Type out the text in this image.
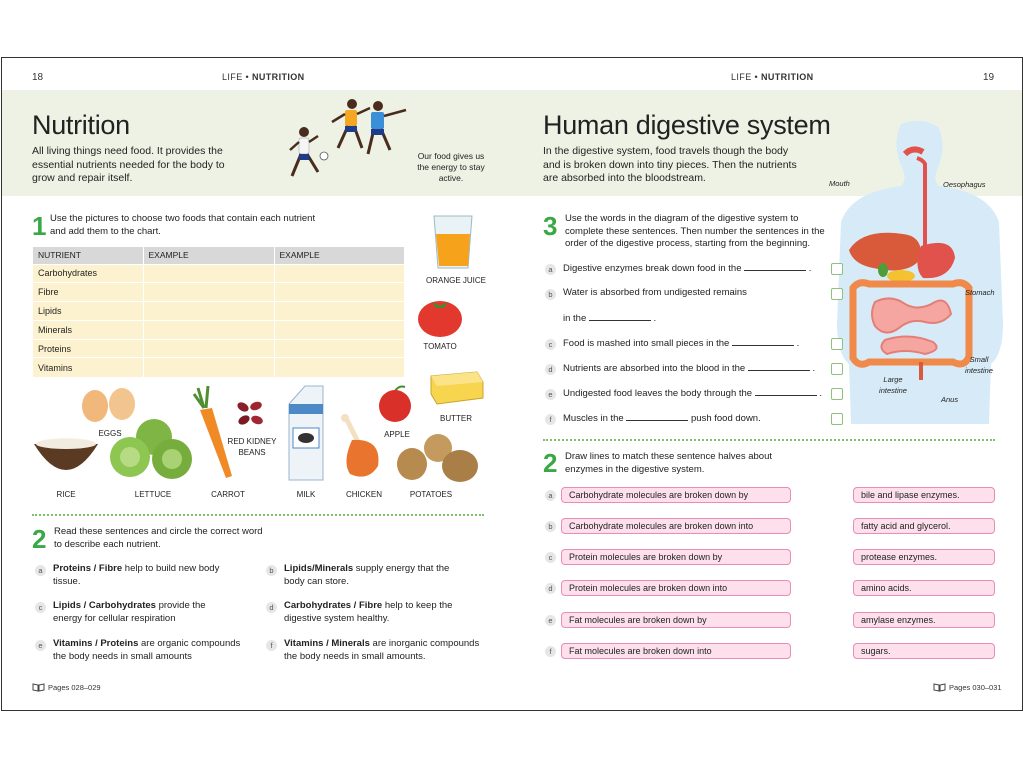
18	LIFE • NUTRITION
Nutrition
All living things need food. It provides the essential nutrients needed for the body to grow and repair itself.
Our food gives us the energy to stay active.
1 Use the pictures to choose two foods that contain each nutrient and add them to the chart.
NUTRIENT	EXAMPLE	EXAMPLE
Carbohydrates		
Fibre		
Lipids		
Minerals		
Proteins		
Vitamins		
ORANGE JUICE
TOMATO
BUTTER
EGGS
RICE	LETTUCE	CARROT
RED KIDNEY BEANS
MILK	CHICKEN
APPLE
POTATOES
2 Read these sentences and circle the correct word to describe each nutrient.
a	Proteins / Fibre help to build new body tissue.
b	Lipids/Minerals supply energy that the body can store.
c	Lipids / Carbohydrates provide the energy for cellular respiration
d	Carbohydrates / Fibre help to keep the digestive system healthy.
e	Vitamins / Proteins are organic compounds the body needs in small amounts
f	Vitamins / Minerals are inorganic compounds the body needs in small amounts.
Pages 028–029
LIFE • NUTRITION	19
Human digestive system
In the digestive system, food travels though the body and is broken down into tiny pieces. Then the nutrients are absorbed into the bloodstream.	Mouth	Oesophagus
Stomach
Small intestine
Large intestine
Anus
3 Use the words in the diagram of the digestive system to complete these sentences. Then number the sentences in the order of the digestive process, starting from the beginning.
a	Digestive enzymes break down food in the	.
b	Water is absorbed from undigested remains
in the	.
c	Food is mashed into small pieces in the	.
d	Nutrients are absorbed into the blood in the	.
e	Undigested food leaves the body through the	.
f	Muscles in the	push food down.
2 Draw lines to match these sentence halves about enzymes in the digestive system.
a	Carbohydrate molecules are broken down by	bile and lipase enzymes.
b	Carbohydrate molecules are broken down into	fatty acid and glycerol.
c	Protein molecules are broken down by	protease enzymes.
d	Protein molecules are broken down into	amino acids.
e	Fat molecules are broken down by	amylase enzymes.
f	Fat molecules are broken down into	sugars.
Pages 030–031
